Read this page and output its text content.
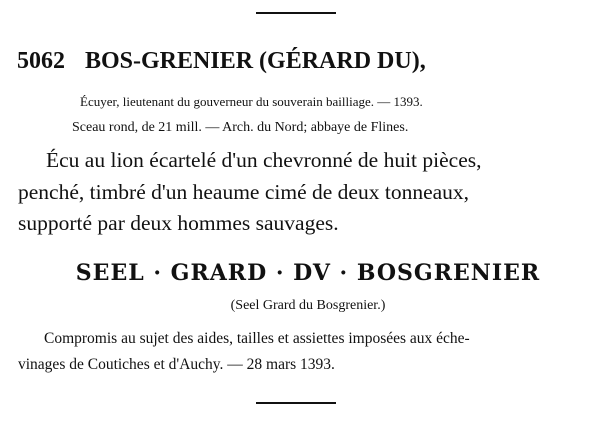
5062 BOS-GRENIER (GÉRARD DU),
Écuyer, lieutenant du gouverneur du souverain bailliage. — 1393.
Sceau rond, de 21 mill. — Arch. du Nord; abbaye de Flines.
Écu au lion écartelé d'un chevronné de huit pièces,
penché, timbré d'un heaume cimé de deux tonneaux,
supporté par deux hommes sauvages.
SEEL · GRARD · DV · BOSGRENIER
(Seel Grard du Bosgrenier.)
Compromis au sujet des aides, tailles et assiettes imposées aux éche-
vinages de Coutiches et d'Auchy. — 28 mars 1393.
